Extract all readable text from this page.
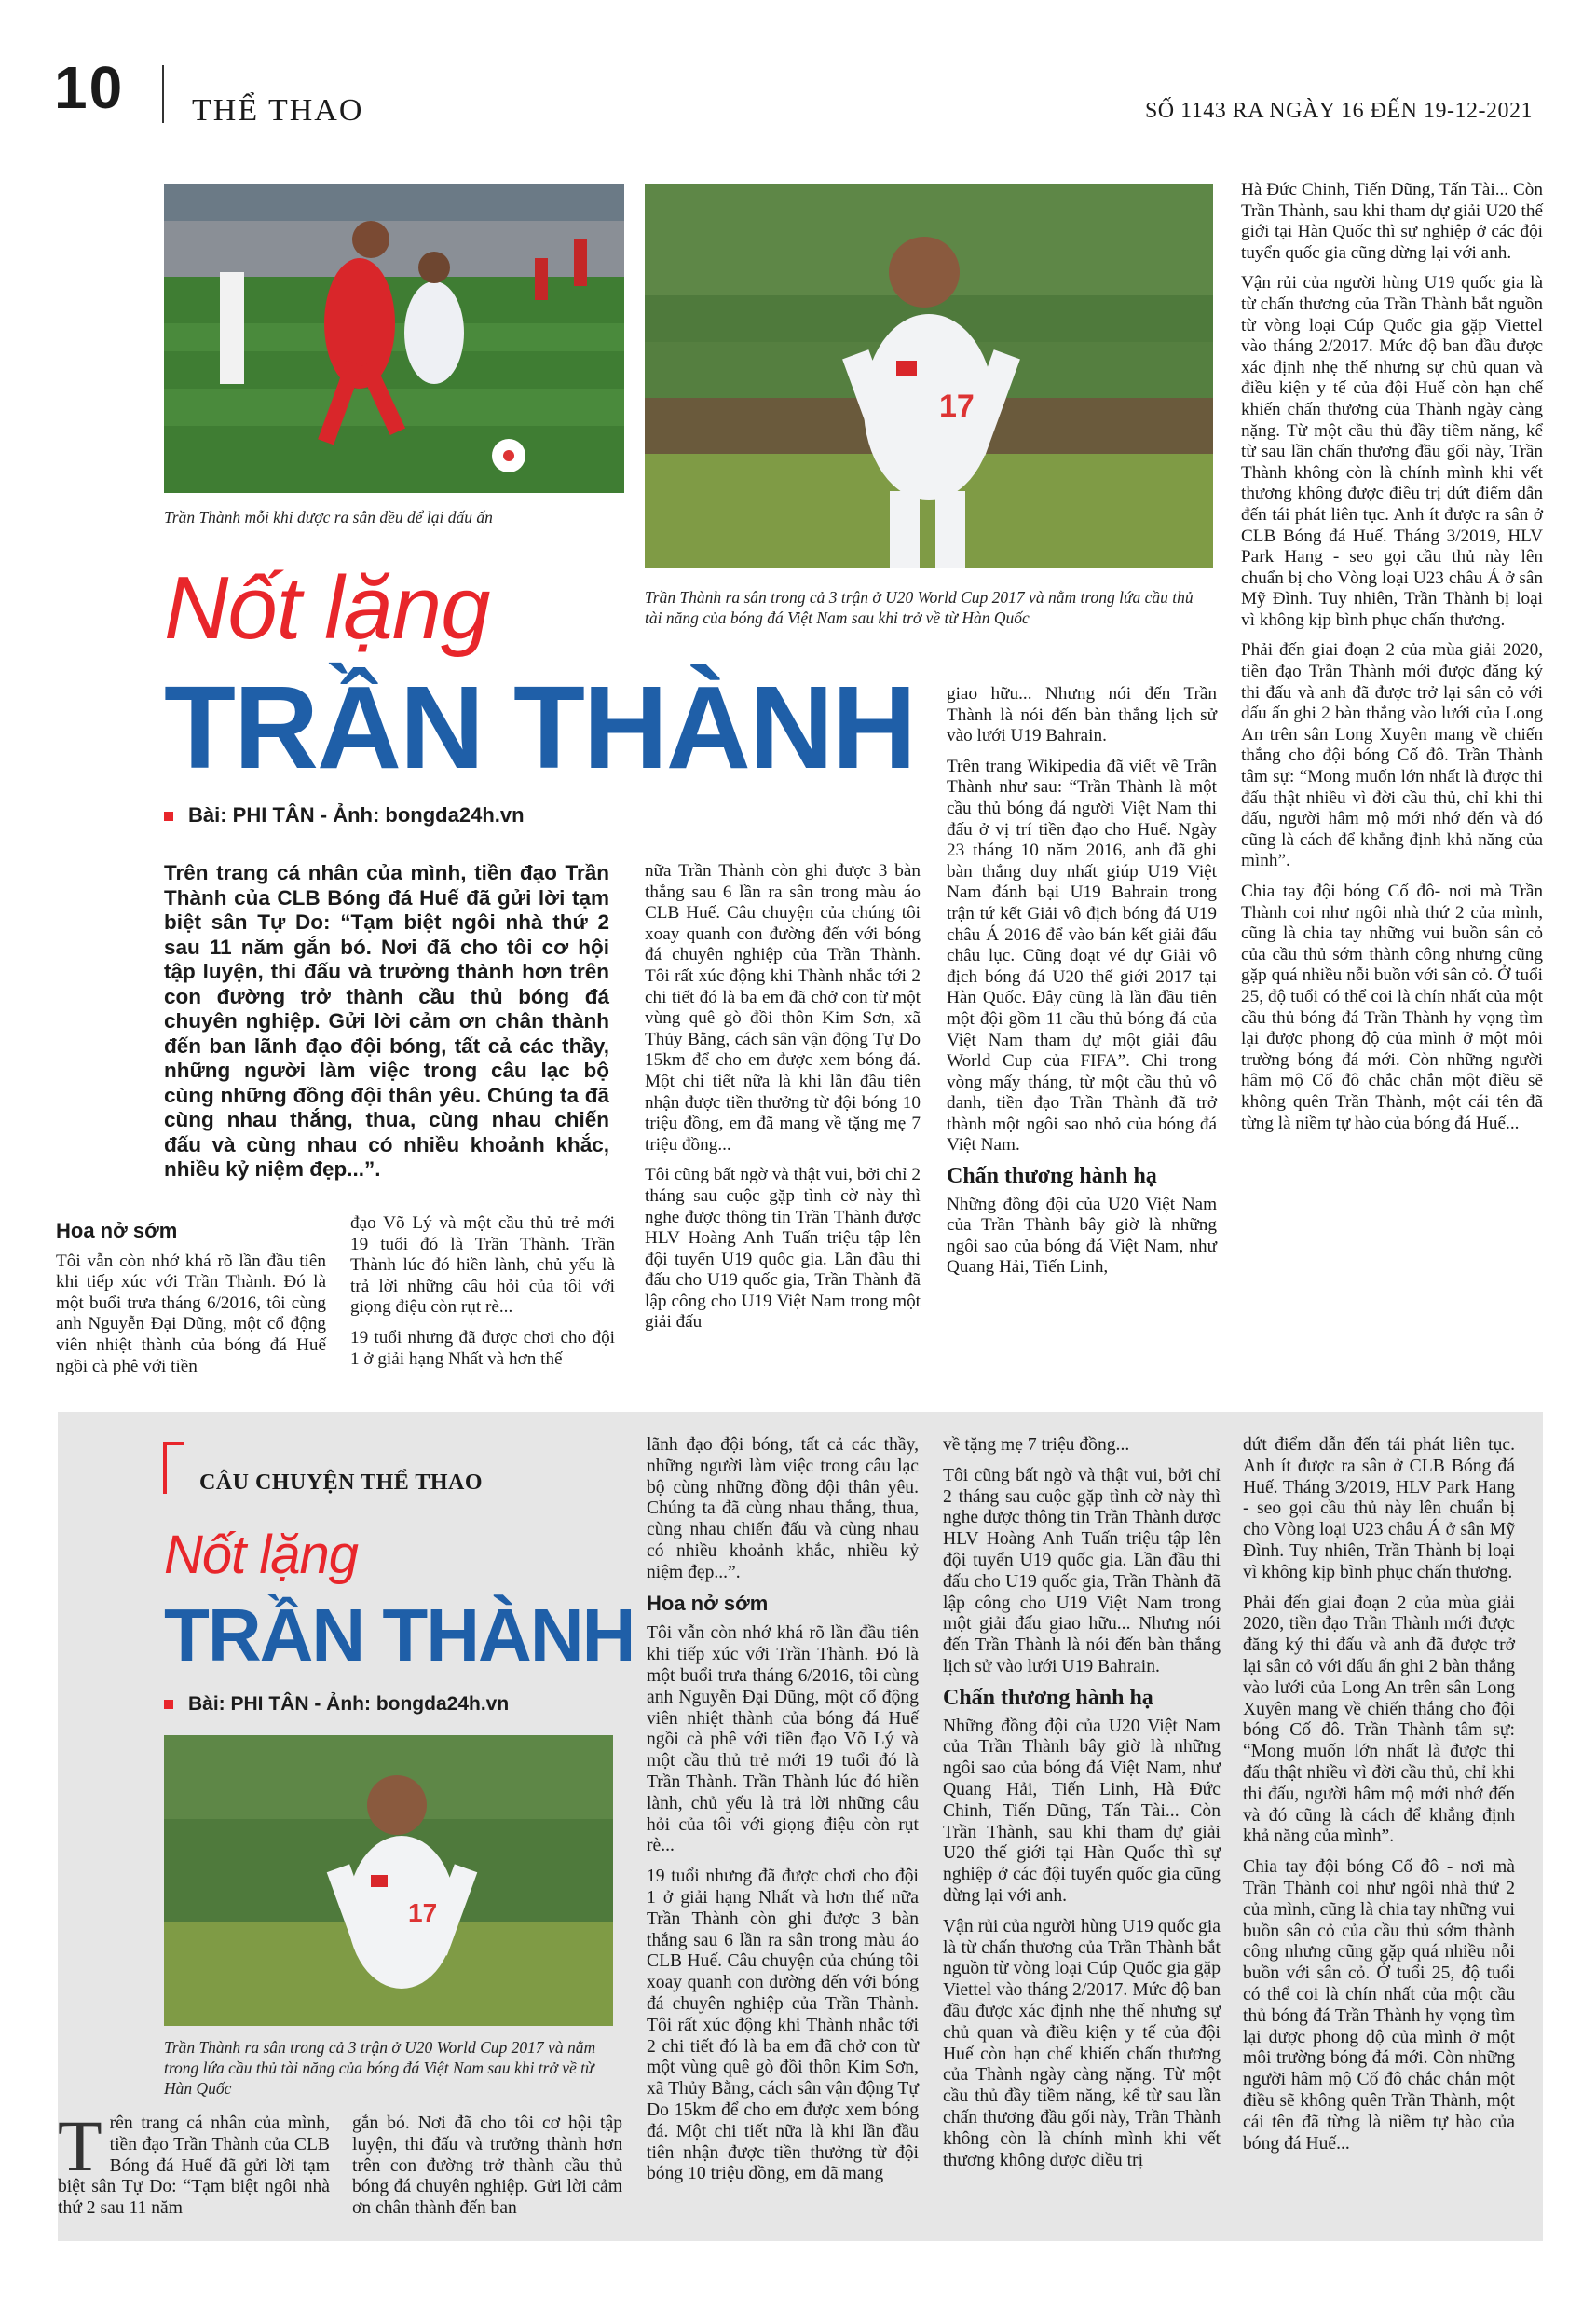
10 THỂ THAO	SỐ 1143 RA NGÀY 16 ĐẾN 19-12-2021
Trần Thành mỗi khi được ra sân đều để lại dấu ấn
17
Trần Thành ra sân trong cả 3 trận ở U20 World Cup 2017 và nằm trong lứa cầu thủ tài năng của bóng đá Việt Nam sau khi trở về từ Hàn Quốc
Nốt lặng
TRẦN THÀNH
Bài: PHI TÂN - Ảnh: bongda24h.vn
Trên trang cá nhân của mình, tiền đạo Trần Thành của CLB Bóng đá Huế đã gửi lời tạm biệt sân Tự Do: “Tạm biệt ngôi nhà thứ 2 sau 11 năm gắn bó. Nơi đã cho tôi cơ hội tập luyện, thi đấu và trưởng thành hơn trên con đường trở thành cầu thủ bóng đá chuyên nghiệp. Gửi lời cảm ơn chân thành đến ban lãnh đạo đội bóng, tất cả các thầy, những người làm việc trong câu lạc bộ cùng những đồng đội thân yêu. Chúng ta đã cùng nhau thắng, thua, cùng nhau chiến đấu và cùng nhau có nhiều khoảnh khắc, nhiều kỷ niệm đẹp...”.
Hoa nở sớm

Tôi vẫn còn nhớ khá rõ lần đầu tiên khi tiếp xúc với Trần Thành. Đó là một buổi trưa tháng 6/2016, tôi cùng anh Nguyễn Đại Dũng, một cổ động viên nhiệt thành của bóng đá Huế ngồi cà phê với tiền

đạo Võ Lý và một cầu thủ trẻ mới 19 tuổi đó là Trần Thành. Trần Thành lúc đó hiền lành, chủ yếu là trả lời những câu hỏi của tôi với giọng điệu còn rụt rè...

19 tuổi nhưng đã được chơi cho đội 1 ở giải hạng Nhất và hơn thế

nữa Trần Thành còn ghi được 3 bàn thắng sau 6 lần ra sân trong màu áo CLB Huế. Câu chuyện của chúng tôi xoay quanh con đường đến với bóng đá chuyên nghiệp của Trần Thành. Tôi rất xúc động khi Thành nhắc tới 2 chi tiết đó là ba em đã chở con từ một vùng quê gò đồi thôn Kim Sơn, xã Thủy Bằng, cách sân vận động Tự Do 15km để cho em được xem bóng đá. Một chi tiết nữa là khi lần đầu tiên nhận được tiền thưởng từ đội bóng 10 triệu đồng, em đã mang về tặng mẹ 7 triệu đồng...

Tôi cũng bất ngờ và thật vui, bởi chỉ 2 tháng sau cuộc gặp tình cờ này thì nghe được thông tin Trần Thành được HLV Hoàng Anh Tuấn triệu tập lên đội tuyển U19 quốc gia. Lần đầu thi đấu cho U19 quốc gia, Trần Thành đã lập công cho U19 Việt Nam trong một giải đấu

giao hữu... Nhưng nói đến Trần Thành là nói đến bàn thắng lịch sử vào lưới U19 Bahrain.

Trên trang Wikipedia đã viết về Trần Thành như sau: “Trần Thành là một cầu thủ bóng đá người Việt Nam thi đấu ở vị trí tiền đạo cho Huế. Ngày 23 tháng 10 năm 2016, anh đã ghi bàn thắng duy nhất giúp U19 Việt Nam đánh bại U19 Bahrain trong trận tứ kết Giải vô địch bóng đá U19 châu Á 2016 để vào bán kết giải đấu châu lục. Cũng đoạt vé dự Giải vô địch bóng đá U20 thế giới 2017 tại Hàn Quốc. Đây cũng là lần đầu tiên một đội gồm 11 cầu thủ bóng đá của Việt Nam tham dự một giải đấu World Cup của FIFA”. Chỉ trong vòng mấy tháng, từ một cầu thủ vô danh, tiền đạo Trần Thành đã trở thành một ngôi sao nhỏ của bóng đá Việt Nam.

Chấn thương hành hạ

Những đồng đội của U20 Việt Nam của Trần Thành bây giờ là những ngôi sao của bóng đá Việt Nam, như Quang Hải, Tiến Linh,

Hà Đức Chinh, Tiến Dũng, Tấn Tài... Còn Trần Thành, sau khi tham dự giải U20 thế giới tại Hàn Quốc thì sự nghiệp ở các đội tuyển quốc gia cũng dừng lại với anh.

Vận rủi của người hùng U19 quốc gia là từ chấn thương của Trần Thành bắt nguồn từ vòng loại Cúp Quốc gia gặp Viettel vào tháng 2/2017. Mức độ ban đầu được xác định nhẹ thế nhưng sự chủ quan và điều kiện y tế của đội Huế còn hạn chế khiến chấn thương của Thành ngày càng nặng. Từ một cầu thủ đầy tiềm năng, kể từ sau lần chấn thương đầu gối này, Trần Thành không còn là chính mình khi vết thương không được điều trị dứt điểm dẫn đến tái phát liên tục. Anh ít được ra sân ở CLB Bóng đá Huế. Tháng 3/2019, HLV Park Hang - seo gọi cầu thủ này lên chuẩn bị cho Vòng loại U23 châu Á ở sân Mỹ Đình. Tuy nhiên, Trần Thành bị loại vì không kịp bình phục chấn thương.

Phải đến giai đoạn 2 của mùa giải 2020, tiền đạo Trần Thành mới được đăng ký thi đấu và anh đã được trở lại sân cỏ với dấu ấn ghi 2 bàn thắng vào lưới của Long An trên sân Long Xuyên mang về chiến thắng cho đội bóng Cố đô. Trần Thành tâm sự: “Mong muốn lớn nhất là được thi đấu thật nhiều vì đời cầu thủ, chỉ khi thi đấu, người hâm mộ mới nhớ đến và đó cũng là cách để khẳng định khả năng của mình”.

Chia tay đội bóng Cố đô- nơi mà Trần Thành coi như ngôi nhà thứ 2 của mình, cũng là chia tay những vui buồn sân cỏ của cầu thủ sớm thành công nhưng cũng gặp quá nhiều nỗi buồn với sân cỏ. Ở tuổi 25, độ tuổi có thể coi là chín nhất của một cầu thủ bóng đá Trần Thành hy vọng tìm lại được phong độ của mình ở một môi trường bóng đá mới. Còn những người hâm mộ Cố đô chắc chắn một điều sẽ không quên Trần Thành, một cái tên đã từng là niềm tự hào của bóng đá Huế...

CÂU CHUYỆN THỂ THAO
Nốt lặng
TRẦN THÀNH
Bài: PHI TÂN - Ảnh: bongda24h.vn
17
Trần Thành ra sân trong cả 3 trận ở U20 World Cup 2017 và nằm trong lứa cầu thủ tài năng của bóng đá Việt Nam sau khi trở về từ Hàn Quốc
Trên trang cá nhân của mình, tiền đạo Trần Thành của CLB Bóng đá Huế đã gửi lời tạm biệt sân Tự Do: “Tạm biệt ngôi nhà thứ 2 sau 11 năm
gắn bó. Nơi đã cho tôi cơ hội tập luyện, thi đấu và trưởng thành hơn trên con đường trở thành cầu thủ bóng đá chuyên nghiệp. Gửi lời cảm ơn chân thành đến ban

lãnh đạo đội bóng, tất cả các thầy, những người làm việc trong câu lạc bộ cùng những đồng đội thân yêu. Chúng ta đã cùng nhau thắng, thua, cùng nhau chiến đấu và cùng nhau có nhiều khoảnh khắc, nhiều kỷ niệm đẹp...”.

Hoa nở sớm

Tôi vẫn còn nhớ khá rõ lần đầu tiên khi tiếp xúc với Trần Thành. Đó là một buổi trưa tháng 6/2016, tôi cùng anh Nguyễn Đại Dũng, một cổ động viên nhiệt thành của bóng đá Huế ngồi cà phê với tiền đạo Võ Lý và một cầu thủ trẻ mới 19 tuổi đó là Trần Thành. Trần Thành lúc đó hiền lành, chủ yếu là trả lời những câu hỏi của tôi với giọng điệu còn rụt rè...

19 tuổi nhưng đã được chơi cho đội 1 ở giải hạng Nhất và hơn thế nữa Trần Thành còn ghi được 3 bàn thắng sau 6 lần ra sân trong màu áo CLB Huế. Câu chuyện của chúng tôi xoay quanh con đường đến với bóng đá chuyên nghiệp của Trần Thành. Tôi rất xúc động khi Thành nhắc tới 2 chi tiết đó là ba em đã chở con từ một vùng quê gò đồi thôn Kim Sơn, xã Thủy Bằng, cách sân vận động Tự Do 15km để cho em được xem bóng đá. Một chi tiết nữa là khi lần đầu tiên nhận được tiền thưởng từ đội bóng 10 triệu đồng, em đã mang

về tặng mẹ 7 triệu đồng...

Tôi cũng bất ngờ và thật vui, bởi chỉ 2 tháng sau cuộc gặp tình cờ này thì nghe được thông tin Trần Thành được HLV Hoàng Anh Tuấn triệu tập lên đội tuyển U19 quốc gia. Lần đầu thi đấu cho U19 quốc gia, Trần Thành đã lập công cho U19 Việt Nam trong một giải đấu giao hữu... Nhưng nói đến Trần Thành là nói đến bàn thắng lịch sử vào lưới U19 Bahrain.

Chấn thương hành hạ

Những đồng đội của U20 Việt Nam của Trần Thành bây giờ là những ngôi sao của bóng đá Việt Nam, như Quang Hải, Tiến Linh, Hà Đức Chinh, Tiến Dũng, Tấn Tài... Còn Trần Thành, sau khi tham dự giải U20 thế giới tại Hàn Quốc thì sự nghiệp ở các đội tuyển quốc gia cũng dừng lại với anh.

Vận rủi của người hùng U19 quốc gia là từ chấn thương của Trần Thành bắt nguồn từ vòng loại Cúp Quốc gia gặp Viettel vào tháng 2/2017. Mức độ ban đầu được xác định nhẹ thế nhưng sự chủ quan và điều kiện y tế của đội Huế còn hạn chế khiến chấn thương của Thành ngày càng nặng. Từ một cầu thủ đầy tiềm năng, kể từ sau lần chấn thương đầu gối này, Trần Thành không còn là chính mình khi vết thương không được điều trị

dứt điểm dẫn đến tái phát liên tục. Anh ít được ra sân ở CLB Bóng đá Huế. Tháng 3/2019, HLV Park Hang - seo gọi cầu thủ này lên chuẩn bị cho Vòng loại U23 châu Á ở sân Mỹ Đình. Tuy nhiên, Trần Thành bị loại vì không kịp bình phục chấn thương.

Phải đến giai đoạn 2 của mùa giải 2020, tiền đạo Trần Thành mới được đăng ký thi đấu và anh đã được trở lại sân cỏ với dấu ấn ghi 2 bàn thắng vào lưới của Long An trên sân Long Xuyên mang về chiến thắng cho đội bóng Cố đô. Trần Thành tâm sự: “Mong muốn lớn nhất là được thi đấu thật nhiều vì đời cầu thủ, chỉ khi thi đấu, người hâm mộ mới nhớ đến và đó cũng là cách để khẳng định khả năng của mình”.

Chia tay đội bóng Cố đô - nơi mà Trần Thành coi như ngôi nhà thứ 2 của mình, cũng là chia tay những vui buồn sân cỏ của cầu thủ sớm thành công nhưng cũng gặp quá nhiều nỗi buồn với sân cỏ. Ở tuổi 25, độ tuổi có thể coi là chín nhất của một cầu thủ bóng đá Trần Thành hy vọng tìm lại được phong độ của mình ở một môi trường bóng đá mới. Còn những người hâm mộ Cố đô chắc chắn một điều sẽ không quên Trần Thành, một cái tên đã từng là niềm tự hào của bóng đá Huế...
